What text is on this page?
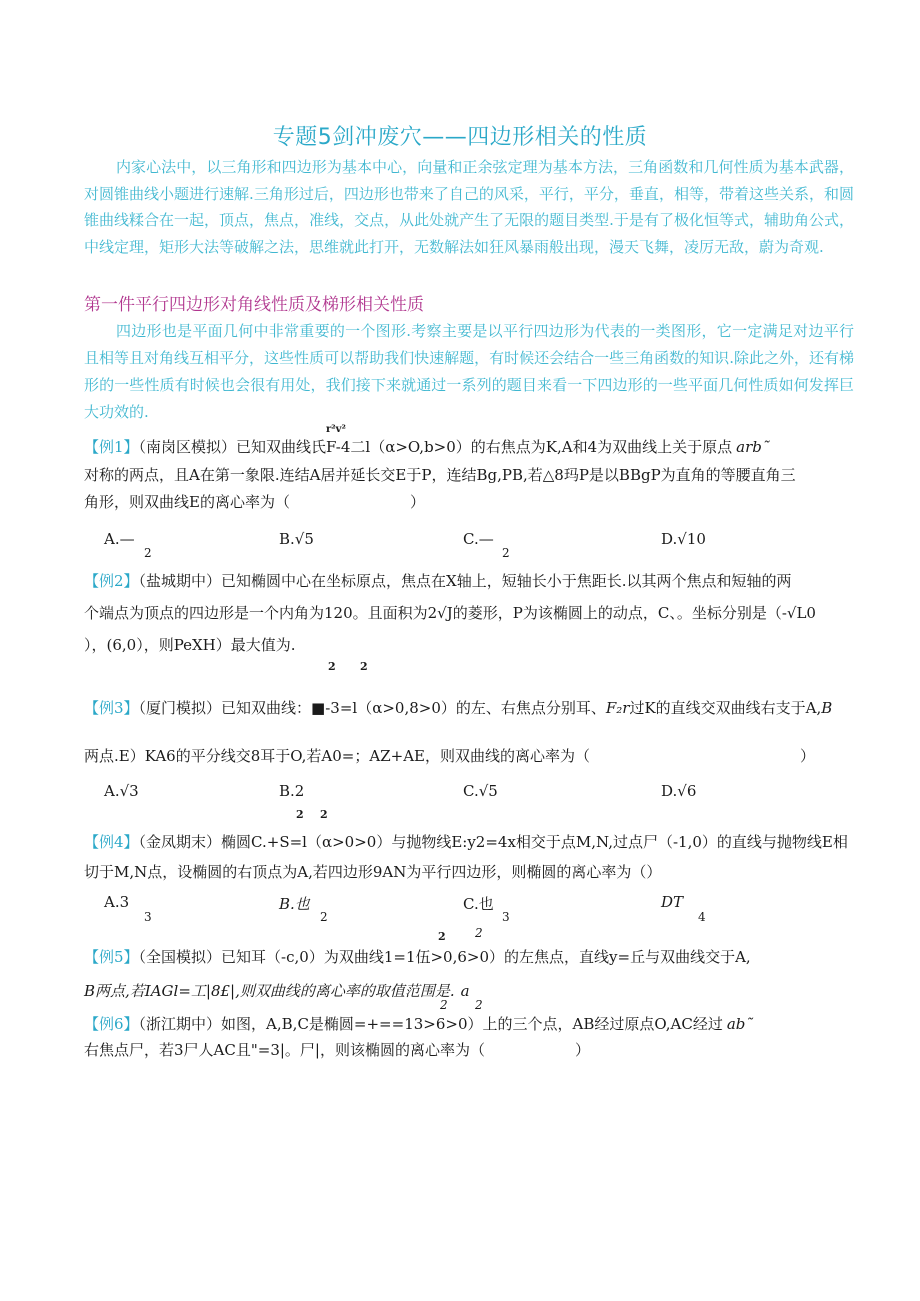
专题5剑冲废穴——四边形相关的性质
内家心法中，以三角形和四边形为基本中心，向量和正余弦定理为基本方法，三角函数和几何性质为基本武器，对圆锥曲线小题进行速解.三角形过后，四边形也带来了自己的风采，平行，平分，垂直，相等，带着这些关系，和圆锥曲线糅合在一起，顶点，焦点，准线，交点，从此处就产生了无限的题目类型.于是有了极化恒等式，辅助角公式，中线定理，矩形大法等破解之法，思维就此打开，无数解法如狂风暴雨般出现，漫天飞舞，凌厉无敌，蔚为奇观.
第一件平行四边形对角线性质及梯形相关性质
四边形也是平面几何中非常重要的一个图形.考察主要是以平行四边形为代表的一类图形，它一定满足对边平行且相等且对角线互相平分，这些性质可以帮助我们快速解题，有时候还会结合一些三角函数的知识.除此之外，还有梯形的一些性质有时候也会很有用处，我们接下来就通过一系列的题目来看一下四边形的一些平面几何性质如何发挥巨大功效的.
r²v²
【例1】（南岗区模拟）已知双曲线氏F-4二l（α>O,b>0）的右焦点为K,A和4为双曲线上关于原点 arb˜
对称的两点，且A在第一象限.连结A居并延长交E于P，连结Bg,PB,若△8玛P是以BBgP为直角的等腰直角三
角形，则双曲线E的离心率为（　　　　　　　　）
A.—	B.√5	C.—	D.√10
2	2
【例2】（盐城期中）已知椭圆中心在坐标原点，焦点在X轴上，短轴长小于焦距长.以其两个焦点和短轴的两
个端点为顶点的四边形是一个内角为120。且面积为2√J的菱形，P为该椭圆上的动点，C、。坐标分别是（-√L0
），(6,0），则PeXH）最大值为.
2 2
【例3】（厦门模拟）已知双曲线：■-3=l（α>0,8>0）的左、右焦点分别耳、F₂r过K的直线交双曲线右支于A,B
两点.E）KA6的平分线交8耳于O,若A0=；AZ+AE，则双曲线的离心率为（　　　　　　　　　　　　　　）
A.√3	B.2	C.√5	D.√6
2 2
【例4】（金凤期末）椭圆C.+S=l（α>0>0）与抛物线E:y2=4x相交于点M,N,过点尸（-1,0）的直线与抛物线E相
切于M,N点，设椭圆的右顶点为A,若四边形9AN为平行四边形，则椭圆的离心率为（）
A.3	B.也	C.也	DT
3	2	3	4
2 2
【例5】（全国模拟）已知耳（-c,0）为双曲线1=1伍>0,6>0）的左焦点，直线y=丘与双曲线交于A,
B两点,若IAGl=工|8£|,则双曲线的离心率的取值范围是. a
2 2
【例6】（浙江期中）如图，A,B,C是椭圆=+==13>6>0）上的三个点，AB经过原点O,AC经过 ab˜
右焦点尸，若3尸人AC且"=3|。尸|，则该椭圆的离心率为（　　　　　　）
